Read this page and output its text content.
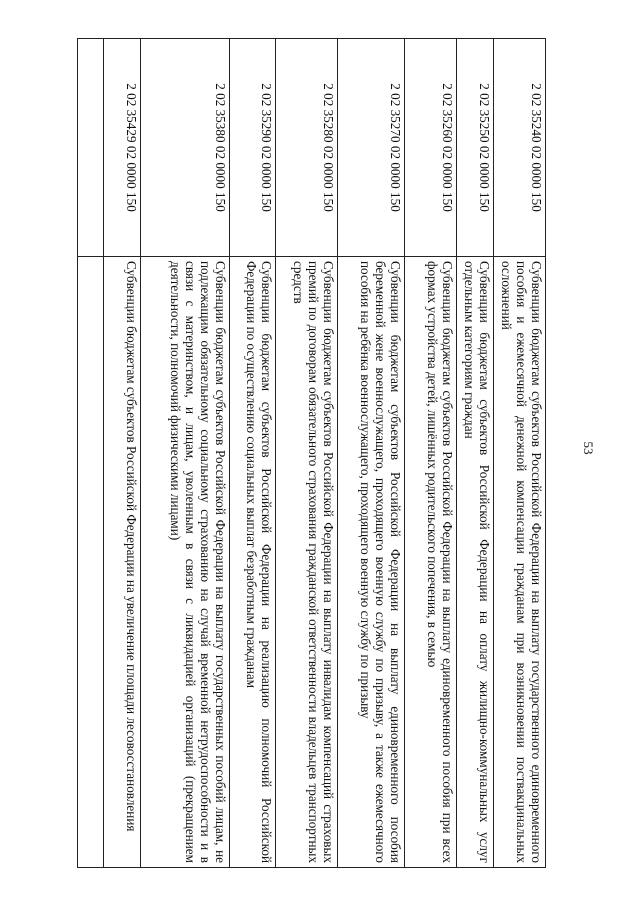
53
2 02 35240 02 0000 150	Субвенции бюджетам субъектов Российской Федерации на выплату государственного единовременного пособия и ежемесячной денежной компенсации гражданам при возникновении поствакцинальных осложнений
2 02 35250 02 0000 150	Субвенции бюджетам субъектов Российской Федерации на оплату жилищно-коммунальных услуг отдельным категориям граждан
2 02 35260 02 0000 150	Субвенции бюджетам субъектов Российской Федерации на выплату единовременного пособия при всех формах устройства детей, лишённых родительского попечения, в семью
2 02 35270 02 0000 150	Субвенции бюджетам субъектов Российской Федерации на выплату единовременного пособия беременной жене военнослужащего, проходящего военную службу по призыву, а также ежемесячного пособия на ребёнка военнослужащего, проходящего военную службу по призыву
2 02 35280 02 0000 150	Субвенции бюджетам субъектов Российской Федерации на выплату инвалидам компенсаций страховых премий по договорам обязательного страхования гражданской ответственности владельцев транспортных средств
2 02 35290 02 0000 150	Субвенции бюджетам субъектов Российской Федерации на реализацию полномочий Российской Федерации по осуществлению социальных выплат безработным гражданам
2 02 35380 02 0000 150	Субвенции бюджетам субъектов Российской Федерации на выплату государственных пособий лицам, не подлежащим обязательному социальному страхованию на случай временной нетрудоспособности и в связи с материнством, и лицам, уволенным в связи с ликвидацией организаций (прекращением деятельности, полномочий физическими лицами)
2 02 35429 02 0000 150	Субвенции бюджетам субъектов Российской Федерации на увеличение площади лесовосстановления
